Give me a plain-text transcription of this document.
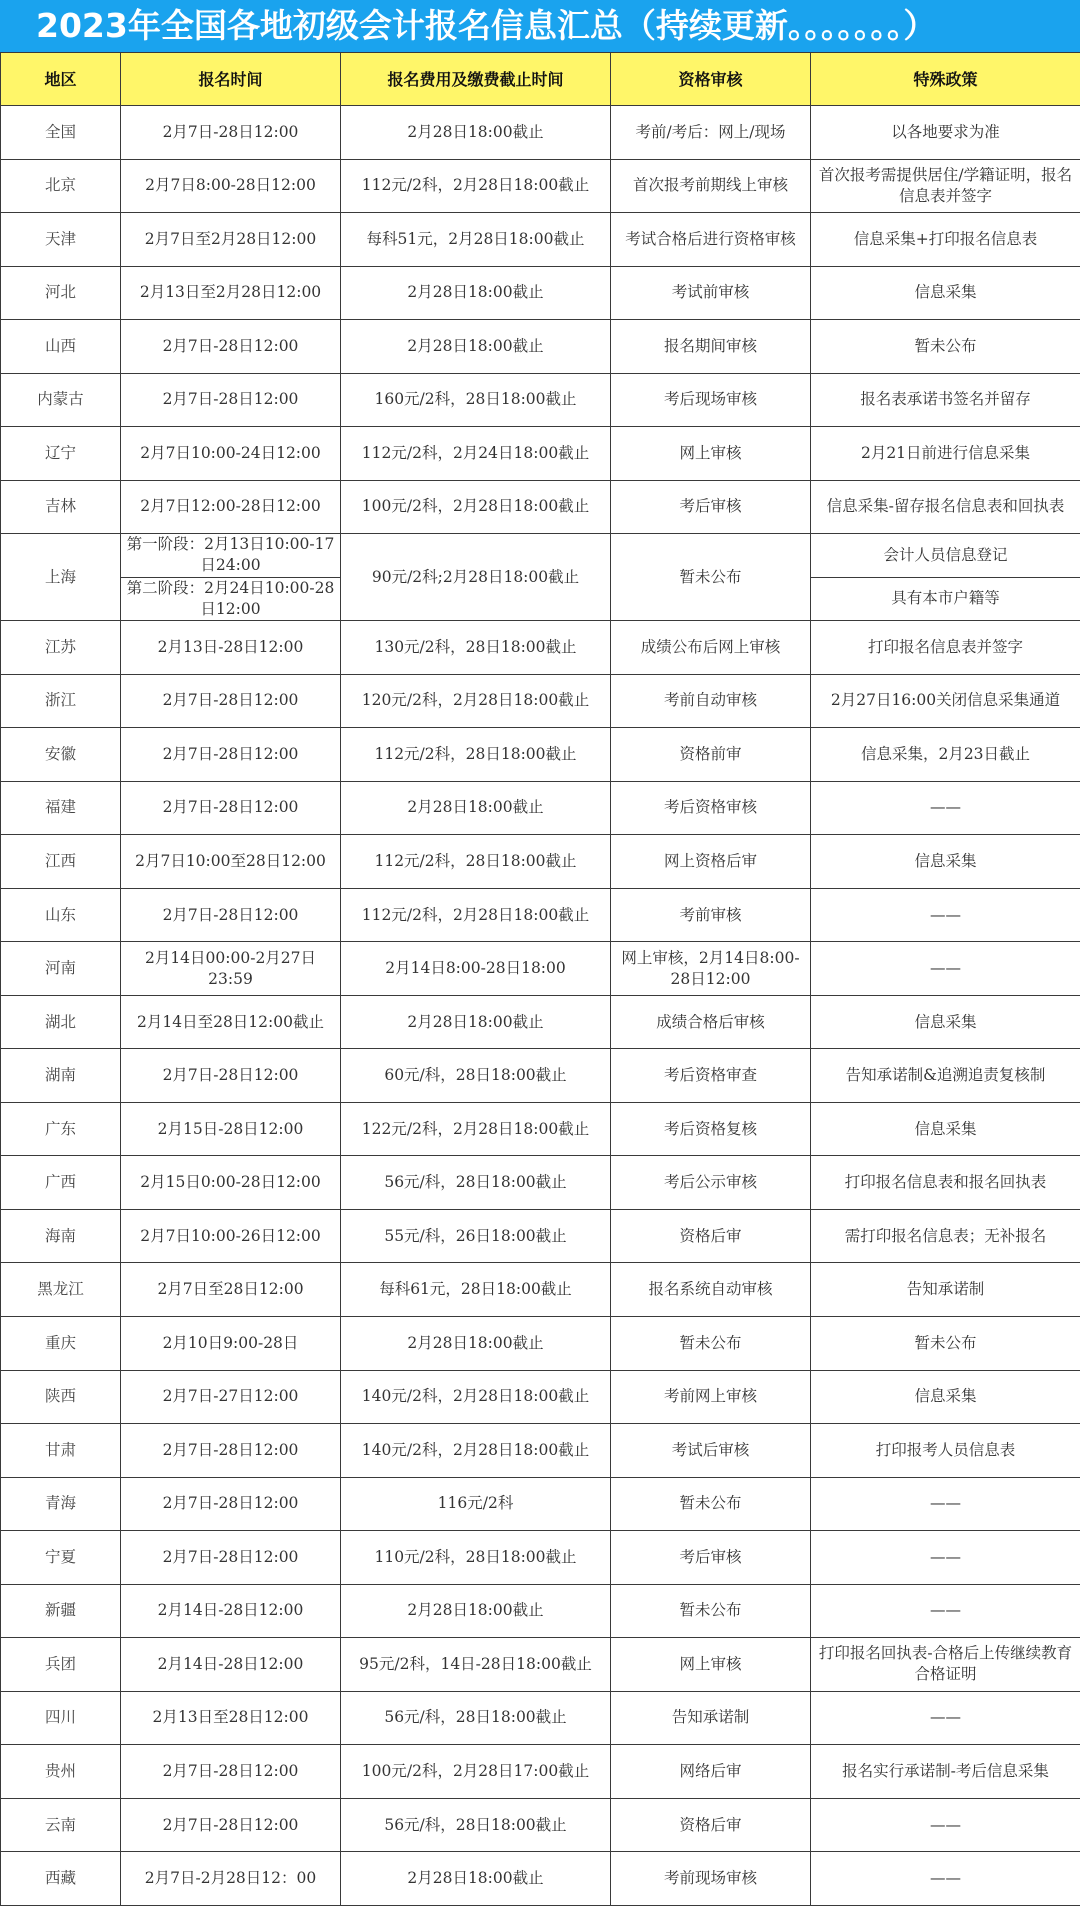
2023年全国各地初级会计报名信息汇总（持续更新。。。。。。。）
地区	报名时间	报名费用及缴费截止时间	资格审核	特殊政策
全国	2月7日-28日12:00	2月28日18:00截止	考前/考后：网上/现场	以各地要求为准
北京	2月7日8:00-28日12:00	112元/2科，2月28日18:00截止	首次报考前期线上审核	首次报考需提供居住/学籍证明，报名信息表并签字
天津	2月7日至2月28日12:00	每科51元，2月28日18:00截止	考试合格后进行资格审核	信息采集+打印报名信息表
河北	2月13日至2月28日12:00	2月28日18:00截止	考试前审核	信息采集
山西	2月7日-28日12:00	2月28日18:00截止	报名期间审核	暂未公布
内蒙古	2月7日-28日12:00	160元/2科，28日18:00截止	考后现场审核	报名表承诺书签名并留存
辽宁	2月7日10:00-24日12:00	112元/2科，2月24日18:00截止	网上审核	2月21日前进行信息采集
吉林	2月7日12:00-28日12:00	100元/2科，2月28日18:00截止	考后审核	信息采集-留存报名信息表和回执表
上海	第一阶段：2月13日10:00-17日24:00	90元/2科;2月28日18:00截止	暂未公布	会计人员信息登记
	第二阶段：2月24日10:00-28日12:00			具有本市户籍等
江苏	2月13日-28日12:00	130元/2科，28日18:00截止	成绩公布后网上审核	打印报名信息表并签字
浙江	2月7日-28日12:00	120元/2科，2月28日18:00截止	考前自动审核	2月27日16:00关闭信息采集通道
安徽	2月7日-28日12:00	112元/2科，28日18:00截止	资格前审	信息采集，2月23日截止
福建	2月7日-28日12:00	2月28日18:00截止	考后资格审核	——
江西	2月7日10:00至28日12:00	112元/2科，28日18:00截止	网上资格后审	信息采集
山东	2月7日-28日12:00	112元/2科，2月28日18:00截止	考前审核	——
河南	2月14日00:00-2月27日23:59	2月14日8:00-28日18:00	网上审核，2月14日8:00-28日12:00	——
湖北	2月14日至28日12:00截止	2月28日18:00截止	成绩合格后审核	信息采集
湖南	2月7日-28日12:00	60元/科，28日18:00截止	考后资格审查	告知承诺制&追溯追责复核制
广东	2月15日-28日12:00	122元/2科，2月28日18:00截止	考后资格复核	信息采集
广西	2月15日0:00-28日12:00	56元/科，28日18:00截止	考后公示审核	打印报名信息表和报名回执表
海南	2月7日10:00-26日12:00	55元/科，26日18:00截止	资格后审	需打印报名信息表；无补报名
黑龙江	2月7日至28日12:00	每科61元，28日18:00截止	报名系统自动审核	告知承诺制
重庆	2月10日9:00-28日	2月28日18:00截止	暂未公布	暂未公布
陕西	2月7日-27日12:00	140元/2科，2月28日18:00截止	考前网上审核	信息采集
甘肃	2月7日-28日12:00	140元/2科，2月28日18:00截止	考试后审核	打印报考人员信息表
青海	2月7日-28日12:00	116元/2科	暂未公布	——
宁夏	2月7日-28日12:00	110元/2科，28日18:00截止	考后审核	——
新疆	2月14日-28日12:00	2月28日18:00截止	暂未公布	——
兵团	2月14日-28日12:00	95元/2科，14日-28日18:00截止	网上审核	打印报名回执表-合格后上传继续教育合格证明
四川	2月13日至28日12:00	56元/科，28日18:00截止	告知承诺制	——
贵州	2月7日-28日12:00	100元/2科，2月28日17:00截止	网络后审	报名实行承诺制-考后信息采集
云南	2月7日-28日12:00	56元/科，28日18:00截止	资格后审	——
西藏	2月7日-2月28日12：00	2月28日18:00截止	考前现场审核	——
